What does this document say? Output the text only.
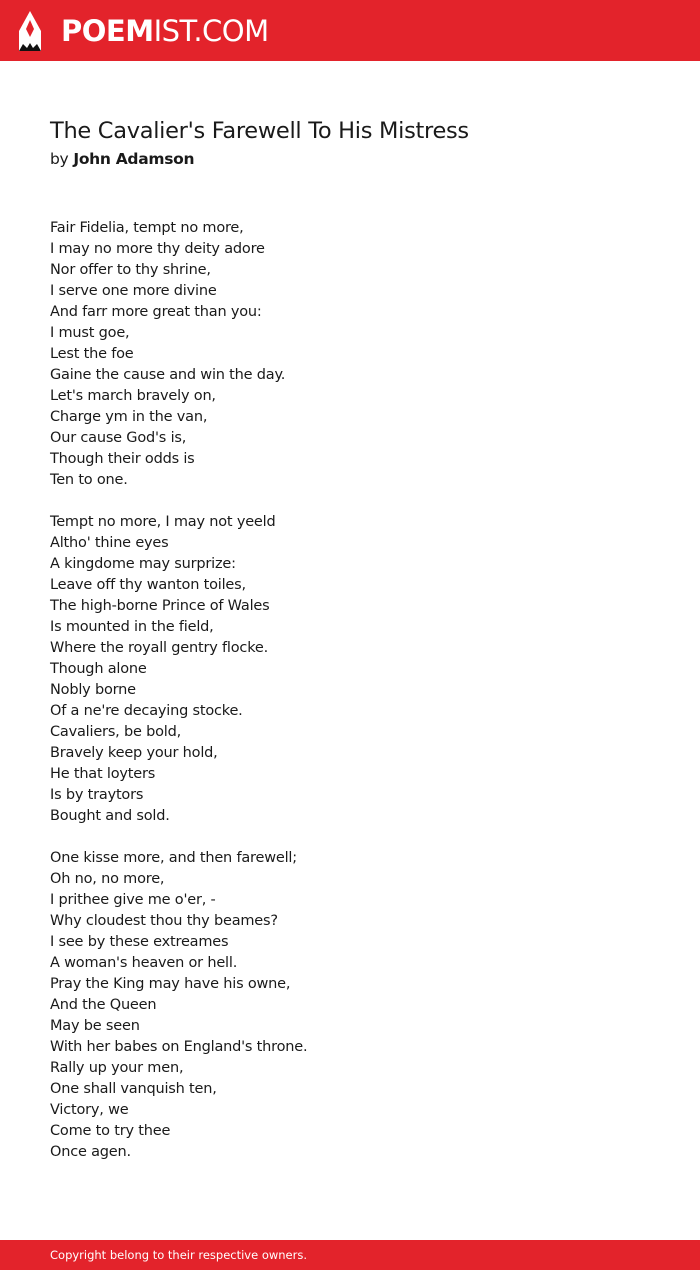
POEMIST.COM
The Cavalier's Farewell To His Mistress
by John Adamson
Fair Fidelia, tempt no more,
I may no more thy deity adore
Nor offer to thy shrine,
I serve one more divine
And farr more great than you:
I must goe,
Lest the foe
Gaine the cause and win the day.
Let's march bravely on,
Charge ym in the van,
Our cause God's is,
Though their odds is
Ten to one.
Tempt no more, I may not yeeld
Altho' thine eyes
A kingdome may surprize:
Leave off thy wanton toiles,
The high-borne Prince of Wales
Is mounted in the field,
Where the royall gentry flocke.
Though alone
Nobly borne
Of a ne're decaying stocke.
Cavaliers, be bold,
Bravely keep your hold,
He that loyters
Is by traytors
Bought and sold.
One kisse more, and then farewell;
Oh no, no more,
I prithee give me o'er, -
Why cloudest thou thy beames?
I see by these extreames
A woman's heaven or hell.
Pray the King may have his owne,
And the Queen
May be seen
With her babes on England's throne.
Rally up your men,
One shall vanquish ten,
Victory, we
Come to try thee
Once agen.
Copyright belong to their respective owners.
